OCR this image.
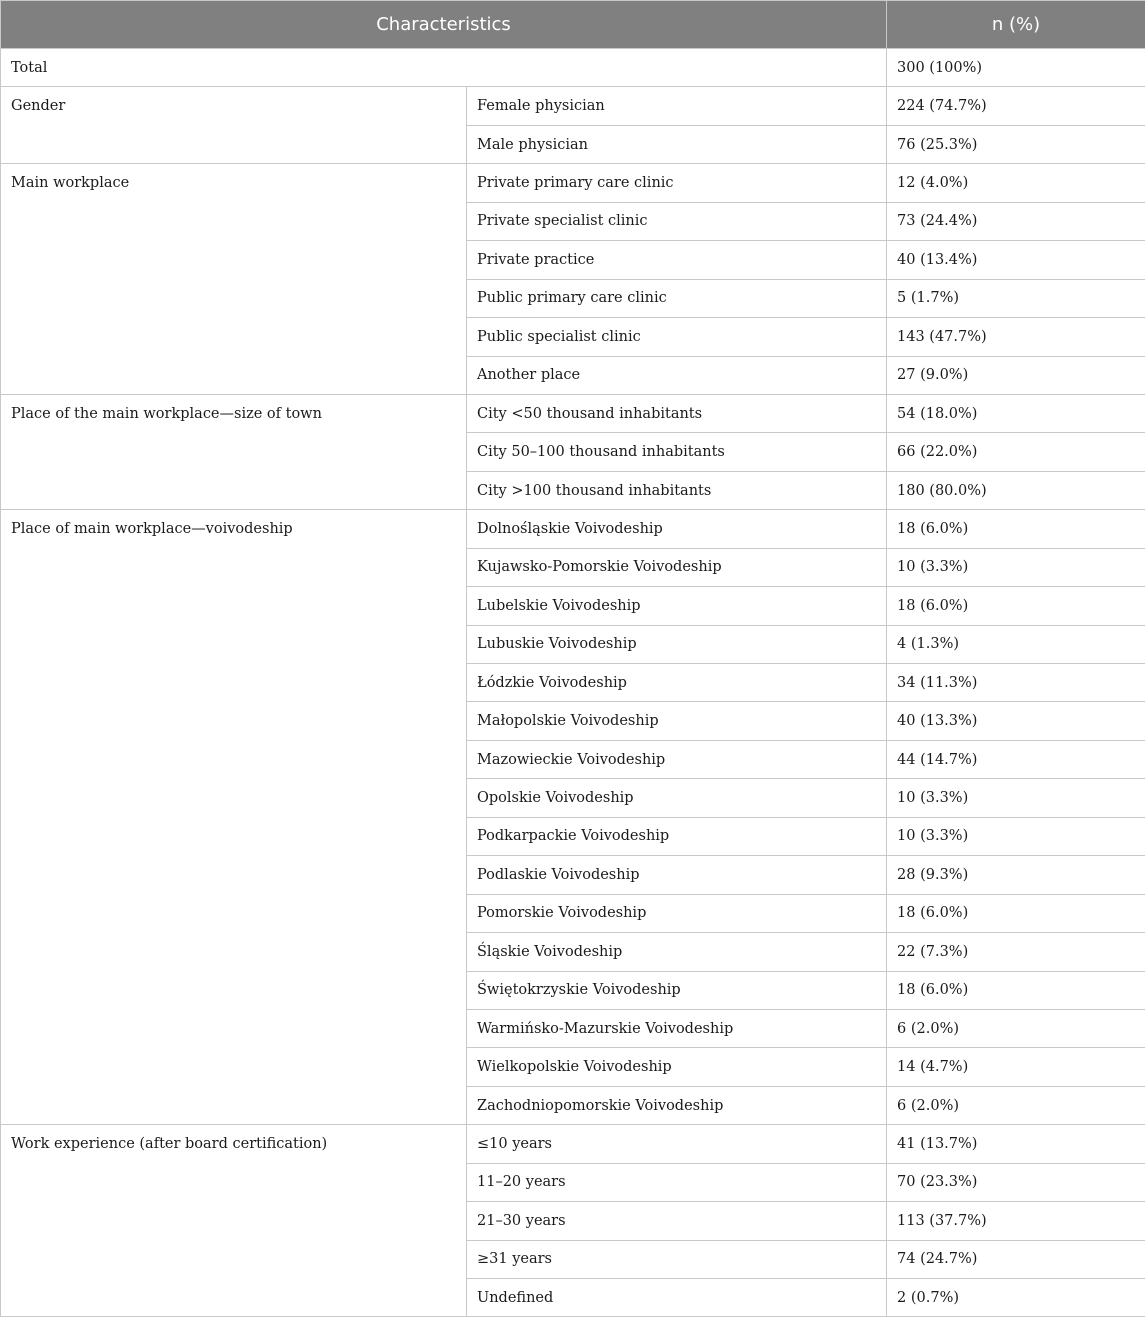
Characteristics		n (%)
Total		300 (100%)
Gender	Female physician	224 (74.7%)
	Male physician	76 (25.3%)
Main workplace	Private primary care clinic	12 (4.0%)
	Private specialist clinic	73 (24.4%)
	Private practice	40 (13.4%)
	Public primary care clinic	5 (1.7%)
	Public specialist clinic	143 (47.7%)
	Another place	27 (9.0%)
Place of the main workplace—size of town	City <50 thousand inhabitants	54 (18.0%)
	City 50–100 thousand inhabitants	66 (22.0%)
	City >100 thousand inhabitants	180 (80.0%)
Place of main workplace—voivodeship	Dolnośląskie Voivodeship	18 (6.0%)
	Kujawsko-Pomorskie Voivodeship	10 (3.3%)
	Lubelskie Voivodeship	18 (6.0%)
	Lubuskie Voivodeship	4 (1.3%)
	Łódzkie Voivodeship	34 (11.3%)
	Małopolskie Voivodeship	40 (13.3%)
	Mazowieckie Voivodeship	44 (14.7%)
	Opolskie Voivodeship	10 (3.3%)
	Podkarpackie Voivodeship	10 (3.3%)
	Podlaskie Voivodeship	28 (9.3%)
	Pomorskie Voivodeship	18 (6.0%)
	Śląskie Voivodeship	22 (7.3%)
	Świętokrzyskie Voivodeship	18 (6.0%)
	Warmińsko-Mazurskie Voivodeship	6 (2.0%)
	Wielkopolskie Voivodeship	14 (4.7%)
	Zachodniopomorskie Voivodeship	6 (2.0%)
Work experience (after board certification)	≤10 years	41 (13.7%)
	11–20 years	70 (23.3%)
	21–30 years	113 (37.7%)
	≥31 years	74 (24.7%)
	Undefined	2 (0.7%)
